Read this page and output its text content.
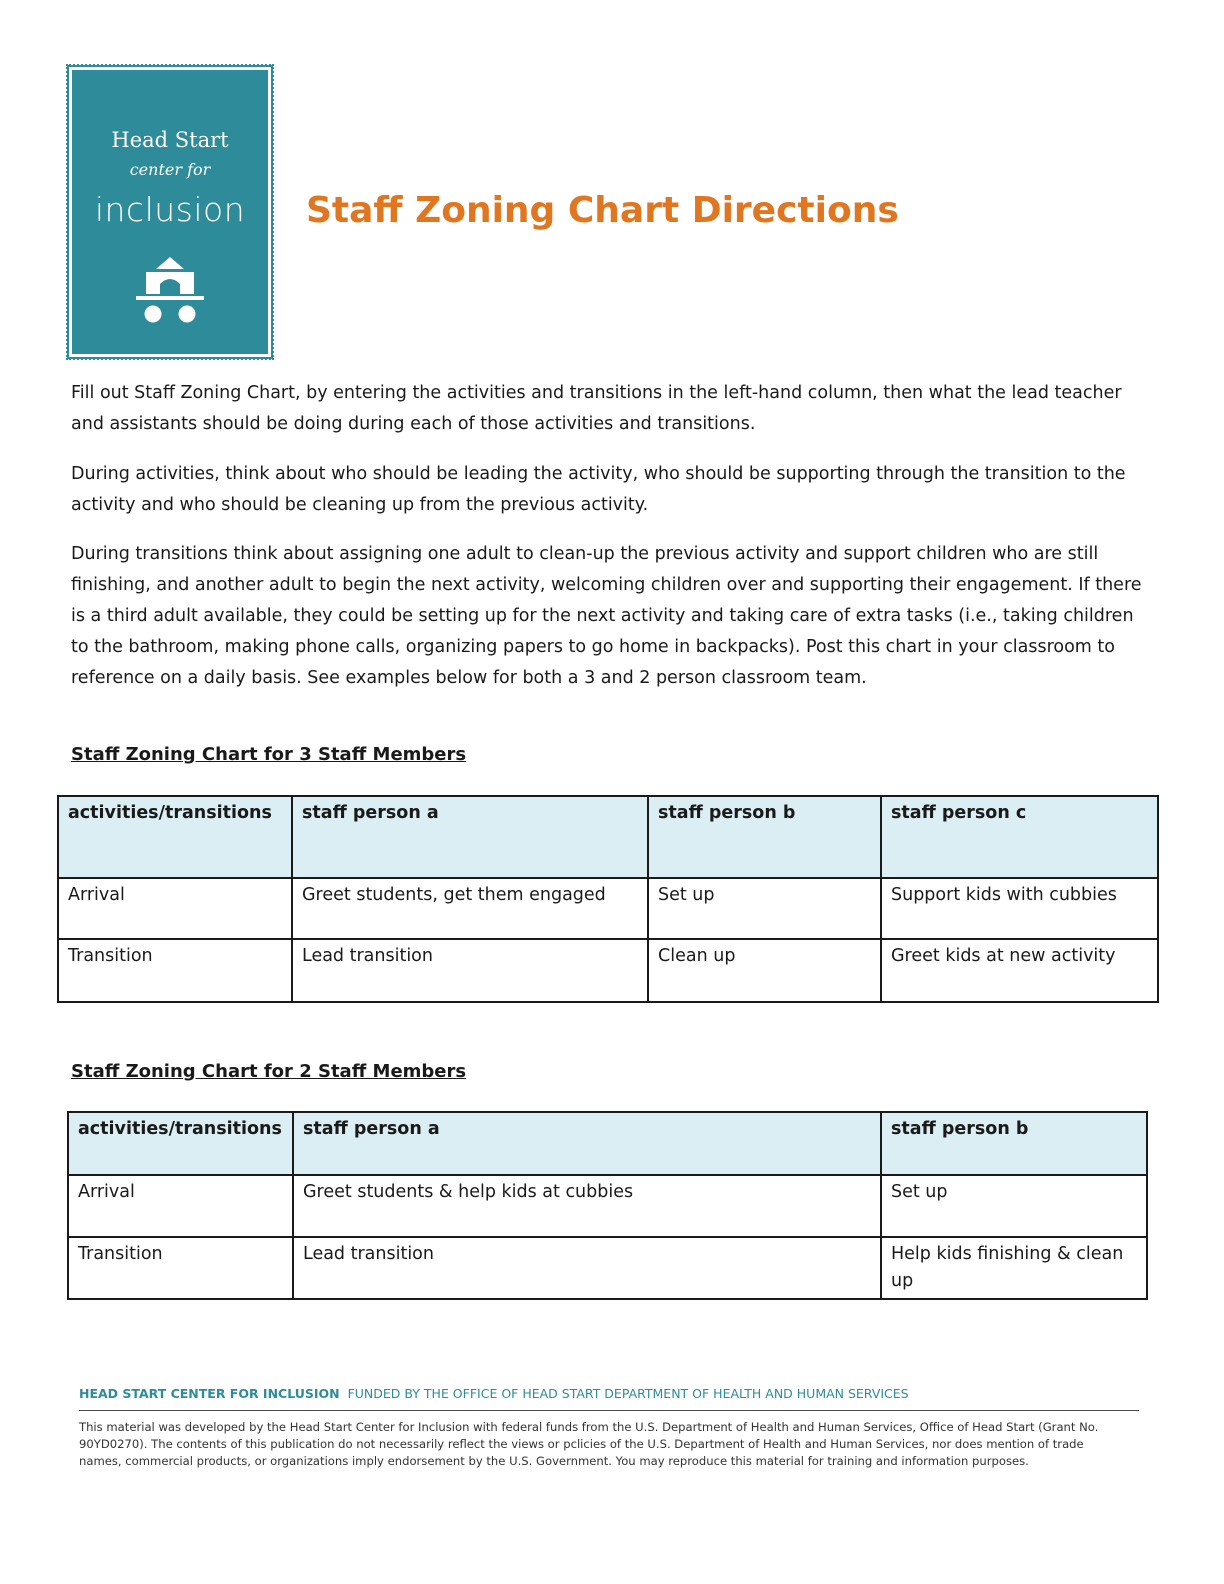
Head Start
center for
inclusion	Staff Zoning Chart Directions

Fill out Staff Zoning Chart, by entering the activities and transitions in the left-hand column, then what the lead teacher and assistants should be doing during each of those activities and transitions.

During activities, think about who should be leading the activity, who should be supporting through the transition to the activity and who should be cleaning up from the previous activity.

During transitions think about assigning one adult to clean-up the previous activity and support children who are still finishing, and another adult to begin the next activity, welcoming children over and supporting their engagement. If there is a third adult available, they could be setting up for the next activity and taking care of extra tasks (i.e., taking children to the bathroom, making phone calls, organizing papers to go home in backpacks). Post this chart in your classroom to reference on a daily basis. See examples below for both a 3 and 2 person classroom team.

Staff Zoning Chart for 3 Staff Members
activities/transitions	staff person a	staff person b	staff person c
Arrival	Greet students, get them engaged	Set up	Support kids with cubbies
Transition	Lead transition	Clean up	Greet kids at new activity
Staff Zoning Chart for 2 Staff Members
activities/transitions	staff person a	staff person b
Arrival	Greet students & help kids at cubbies	Set up
Transition	Lead transition	Help kids finishing & clean up
HEAD START CENTER FOR INCLUSION FUNDED BY THE OFFICE OF HEAD START DEPARTMENT OF HEALTH AND HUMAN SERVICES

This material was developed by the Head Start Center for Inclusion with federal funds from the U.S. Department of Health and Human Services, Office of Head Start (Grant No. 90YD0270). The contents of this publication do not necessarily reflect the views or pclicies of the U.S. Department of Health and Human Services, nor does mention of trade names, commercial products, or organizations imply endorsement by the U.S. Government. You may reproduce this material for training and information purposes.
